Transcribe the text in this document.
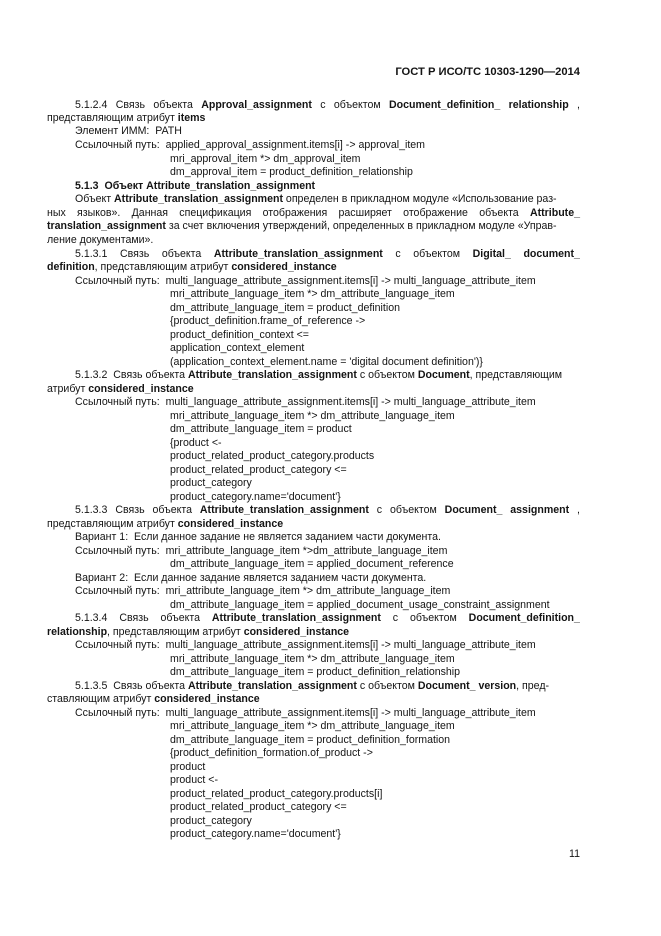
ГОСТ Р ИСО/ТС 10303-1290—2014
5.1.2.4 Связь объекта Approval_assignment с объектом Document_definition_ relationship ,
представляющим атрибут items
Элемент ИММ:  PATH
Ссылочный путь:  applied_approval_assignment.items[i] -> approval_item
mri_approval_item *> dm_approval_item
dm_approval_item = product_definition_relationship
5.1.3  Объект Attribute_translation_assignment
Объект Attribute_translation_assignment определен в прикладном модуле «Использование раз-
ных языков». Данная спецификация отображения расширяет отображение объекта Attribute_
translation_assignment за счет включения утверждений, определенных в прикладном модуле «Управ-
ление документами».
5.1.3.1 Связь объекта Attribute_translation_assignment с объектом Digital_ document_
definition, представляющим атрибут considered_instance
Ссылочный путь:  multi_language_attribute_assignment.items[i] -> multi_language_attribute_item
mri_attribute_language_item *> dm_attribute_language_item
dm_attribute_language_item = product_definition
{product_definition.frame_of_reference ->
product_definition_context <=
application_context_element
(application_context_element.name = 'digital document definition')}
5.1.3.2  Связь объекта Attribute_translation_assignment с объектом Document, представляющим
атрибут considered_instance
Ссылочный путь:  multi_language_attribute_assignment.items[i] -> multi_language_attribute_item
mri_attribute_language_item *> dm_attribute_language_item
dm_attribute_language_item = product
{product <-
product_related_product_category.products
product_related_product_category <=
product_category
product_category.name='document'}
5.1.3.3 Связь объекта Attribute_translation_assignment с объектом Document_ assignment ,
представляющим атрибут considered_instance
Вариант 1:  Если данное задание не является заданием части документа.
Ссылочный путь:  mri_attribute_language_item *>dm_attribute_language_item
dm_attribute_language_item = applied_document_reference
Вариант 2:  Если данное задание является заданием части документа.
Ссылочный путь:  mri_attribute_language_item *> dm_attribute_language_item
dm_attribute_language_item = applied_document_usage_constraint_assignment
5.1.3.4 Связь объекта Attribute_translation_assignment с объектом Document_definition_
relationship, представляющим атрибут considered_instance
Ссылочный путь:  multi_language_attribute_assignment.items[i] -> multi_language_attribute_item
mri_attribute_language_item *> dm_attribute_language_item
dm_attribute_language_item = product_definition_relationship
5.1.3.5  Связь объекта Attribute_translation_assignment с объектом Document_ version, пред-
ставляющим атрибут considered_instance
Ссылочный путь:  multi_language_attribute_assignment.items[i] -> multi_language_attribute_item
mri_attribute_language_item *> dm_attribute_language_item
dm_attribute_language_item = product_definition_formation
{product_definition_formation.of_product ->
product
product <-
product_related_product_category.products[i]
product_related_product_category <=
product_category
product_category.name='document'}
11
